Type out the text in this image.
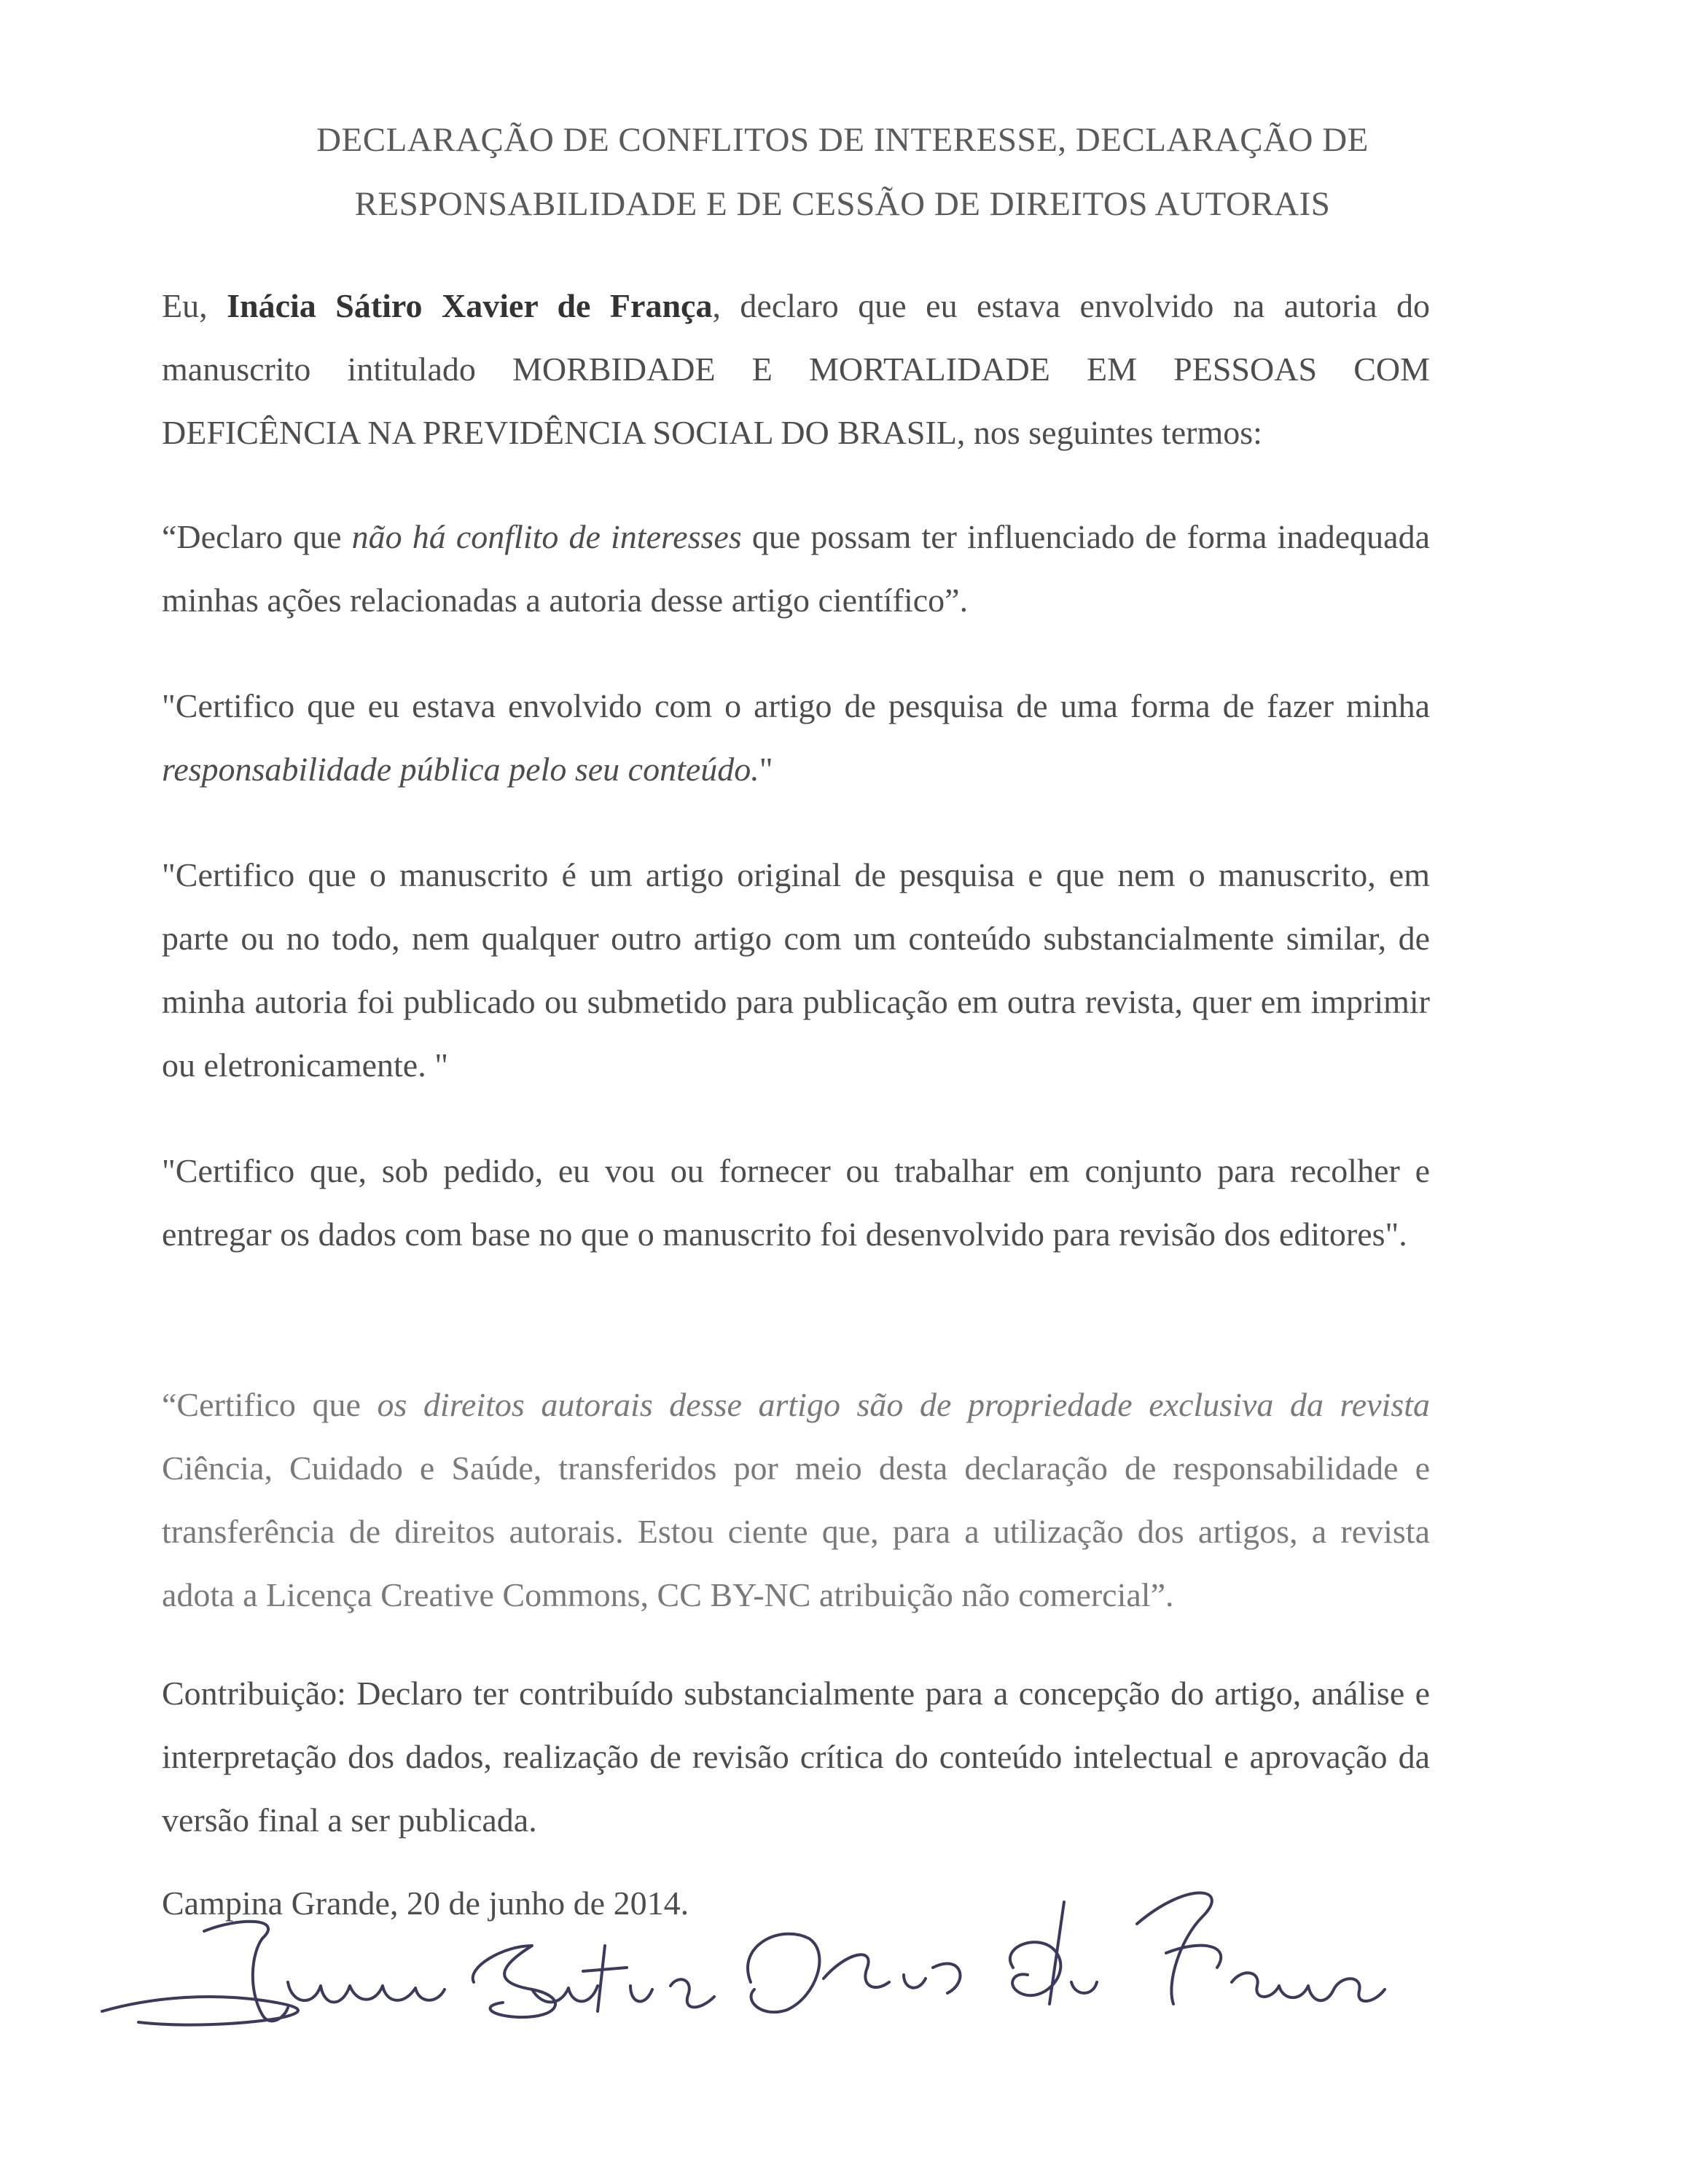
DECLARAÇÃO DE CONFLITOS DE INTERESSE, DECLARAÇÃO DE
RESPONSABILIDADE E DE CESSÃO DE DIREITOS AUTORAIS
Eu, Inácia Sátiro Xavier de França, declaro que eu estava envolvido na autoria do manuscrito intitulado MORBIDADE E MORTALIDADE EM PESSOAS COM DEFICÊNCIA NA PREVIDÊNCIA SOCIAL DO BRASIL, nos seguintes termos:
“Declaro que não há conflito de interesses que possam ter influenciado de forma inadequada minhas ações relacionadas a autoria desse artigo científico”.
"Certifico que eu estava envolvido com o artigo de pesquisa de uma forma de fazer minha responsabilidade pública pelo seu conteúdo."
"Certifico que o manuscrito é um artigo original de pesquisa e que nem o manuscrito, em parte ou no todo, nem qualquer outro artigo com um conteúdo substancialmente similar, de minha autoria foi publicado ou submetido para publicação em outra revista, quer em imprimir ou eletronicamente. "
"Certifico que, sob pedido, eu vou ou fornecer ou trabalhar em conjunto para recolher e entregar os dados com base no que o manuscrito foi desenvolvido para revisão dos editores".
“Certifico que os direitos autorais desse artigo são de propriedade exclusiva da revista Ciência, Cuidado e Saúde, transferidos por meio desta declaração de responsabilidade e transferência de direitos autorais. Estou ciente que, para a utilização dos artigos, a revista adota a Licença Creative Commons, CC BY-NC atribuição não comercial”.
Contribuição: Declaro ter contribuído substancialmente para a concepção do artigo, análise e interpretação dos dados, realização de revisão crítica do conteúdo intelectual e aprovação da versão final a ser publicada.
Campina Grande, 20 de junho de 2014.
